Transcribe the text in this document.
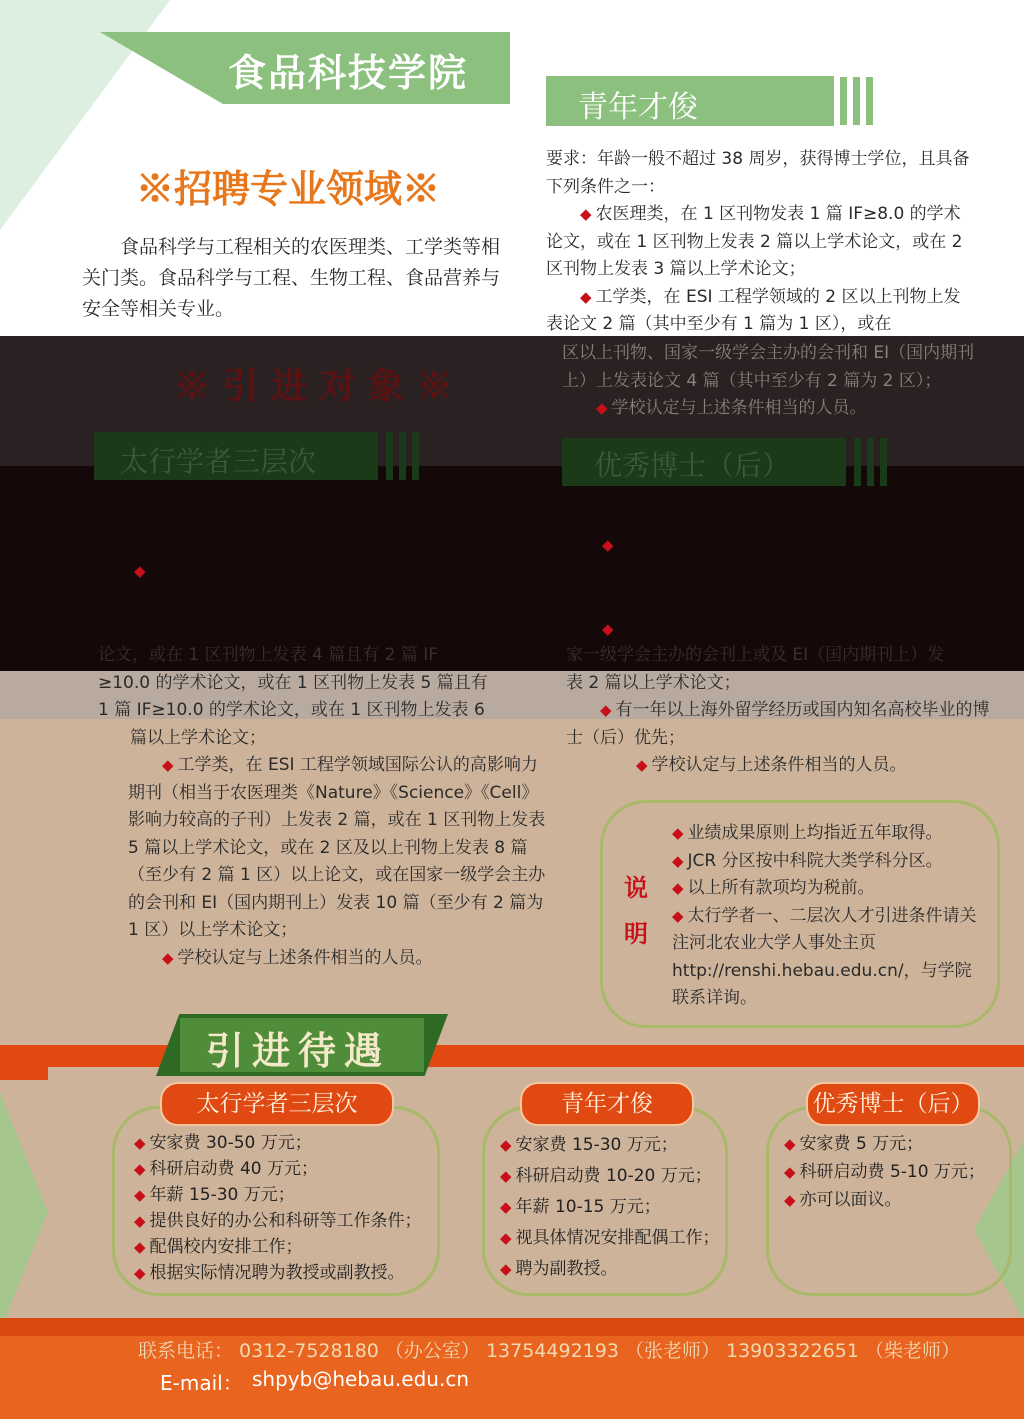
食品科技学院
青年才俊
※招聘专业领域※

食品科学与工程相关的农医理类、工学类等相关门类。食品科学与工程、生物工程、食品营养与安全等相关专业。

要求：年龄一般不超过 38 周岁，获得博士学位，且具备下列条件之一：

◆ 农医理类，在 1 区刊物发表 1 篇 IF≥8.0 的学术论文，或在 1 区刊物上发表 2 篇以上学术论文，或在 2 区刊物上发表 3 篇以上学术论文；

◆ 工学类，在 ESI 工程学领域的 2 区以上刊物上发表论文 2 篇（其中至少有 1 篇为 1 区），或在

区以上刊物、国家一级学会主办的会刊和 EI（国内期刊上）上发表论文 4 篇（其中至少有 2 篇为 2 区）；

◆ 学校认定与上述条件相当的人员。

※ 引 进 对 象 ※
太行学者三层次	优秀博士（后）
◆
◆
◆

论文，或在 1 区刊物上发表 4 篇且有 2 篇 IF

≥10.0 的学术论文，或在 1 区刊物上发表 5 篇且有

1 篇 IF≥10.0 的学术论文，或在 1 区刊物上发表 6

篇以上学术论文；

◆ 工学类，在 ESI 工程学领域国际公认的高影响力期刊（相当于农医理类《Nature》《Science》《Cell》影响力较高的子刊）上发表 2 篇，或在 1 区刊物上发表 5 篇以上学术论文，或在 2 区及以上刊物上发表 8 篇（至少有 2 篇 1 区）以上论文，或在国家一级学会主办的会刊和 EI（国内期刊上）发表 10 篇（至少有 2 篇为 1 区）以上学术论文；

◆ 学校认定与上述条件相当的人员。

家一级学会主办的会刊上或及 EI（国内期刊上）发

表 2 篇以上学术论文；

◆ 有一年以上海外留学经历或国内知名高校毕业的博士（后）优先；

◆ 学校认定与上述条件相当的人员。

说
明

◆ 业绩成果原则上均指近五年取得。

◆ JCR 分区按中科院大类学科分区。

◆ 以上所有款项均为税前。

◆ 太行学者一、二层次人才引进条件请关注河北农业大学人事处主页 http://renshi.hebau.edu.cn/，与学院联系详询。

引进待遇
太行学者三层次
◆ 安家费 30-50 万元；
◆ 科研启动费 40 万元；
◆ 年薪 15-30 万元；
◆ 提供良好的办公和科研等工作条件；
◆ 配偶校内安排工作；
◆ 根据实际情况聘为教授或副教授。
青年才俊
◆ 安家费 15-30 万元；
◆ 科研启动费 10-20 万元；
◆ 年薪 10-15 万元；
◆ 视具体情况安排配偶工作；
◆ 聘为副教授。
优秀博士（后）
◆ 安家费 5 万元；
◆ 科研启动费 5-10 万元；
◆ 亦可以面议。
联系电话： 0312-7528180 （办公室） 13754492193 （张老师） 13903322651 （柴老师）
E-mail： shpyb@hebau.edu.cn
